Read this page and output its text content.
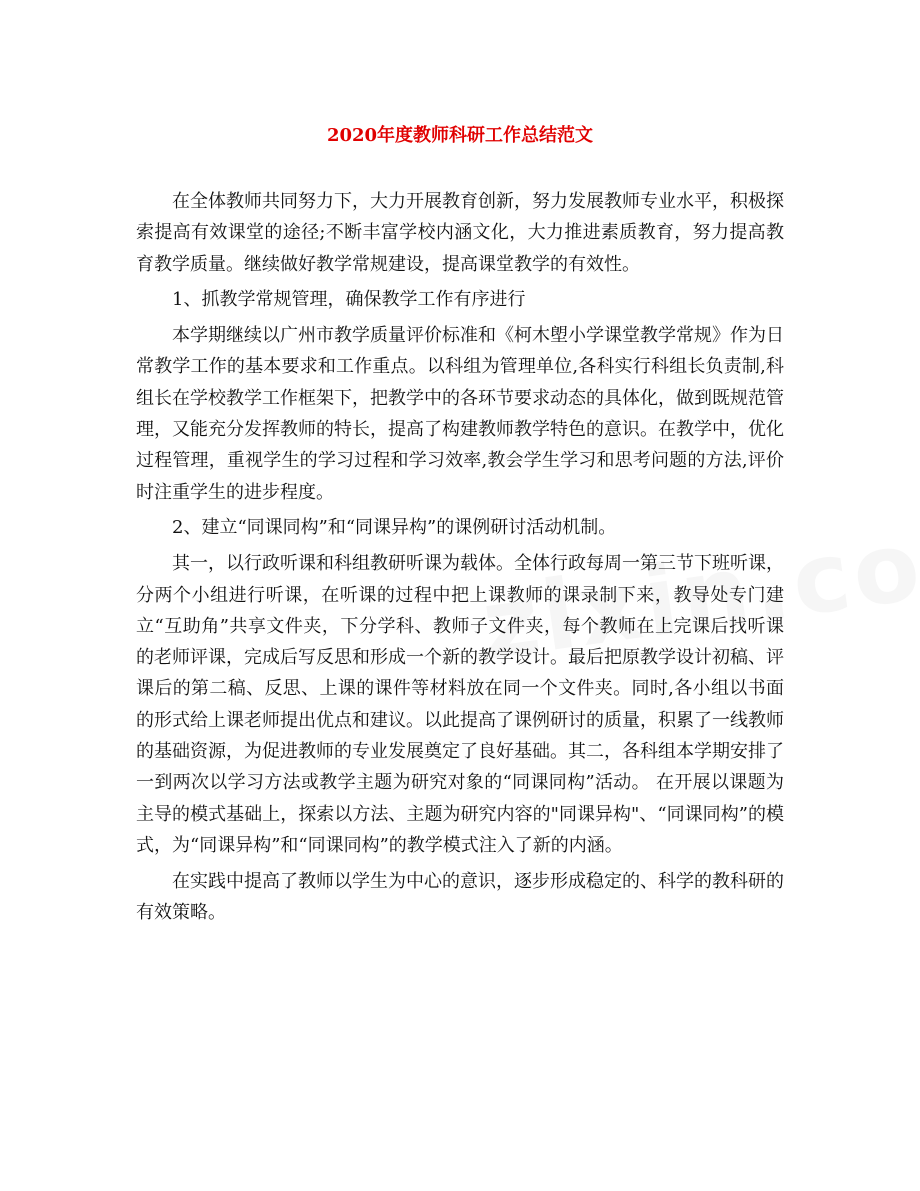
2020年度教师科研工作总结范文

在全体教师共同努力下，大力开展教育创新，努力发展教师专业水平，积极探索提高有效课堂的途径;不断丰富学校内涵文化，大力推进素质教育，努力提高教育教学质量。继续做好教学常规建设，提高课堂教学的有效性。

1、抓教学常规管理，确保教学工作有序进行

本学期继续以广州市教学质量评价标准和《柯木塱小学课堂教学常规》作为日常教学工作的基本要求和工作重点。以科组为管理单位,各科实行科组长负责制,科组长在学校教学工作框架下，把教学中的各环节要求动态的具体化，做到既规范管理，又能充分发挥教师的特长，提高了构建教师教学特色的意识。在教学中，优化过程管理，重视学生的学习过程和学习效率,教会学生学习和思考问题的方法,评价时注重学生的进步程度。

2、建立“同课同构”和“同课异构”的课例研讨活动机制。

其一，以行政听课和科组教研听课为载体。全体行政每周一第三节下班听课，分两个小组进行听课，在听课的过程中把上课教师的课录制下来，教导处专门建立“互助角”共享文件夹，下分学科、教师子文件夹，每个教师在上完课后找听课的老师评课，完成后写反思和形成一个新的教学设计。最后把原教学设计初稿、评课后的第二稿、反思、上课的课件等材料放在同一个文件夹。同时,各小组以书面的形式给上课老师提出优点和建议。以此提高了课例研讨的质量，积累了一线教师的基础资源，为促进教师的专业发展奠定了良好基础。其二，各科组本学期安排了一到两次以学习方法或教学主题为研究对象的“同课同构”活动。 在开展以课题为主导的模式基础上，探索以方法、主题为研究内容的"同课异构"、“同课同构”的模式，为“同课异构”和“同课同构”的教学模式注入了新的内涵。

在实践中提高了教师以学生为中心的意识，逐步形成稳定的、科学的教科研的有效策略。
